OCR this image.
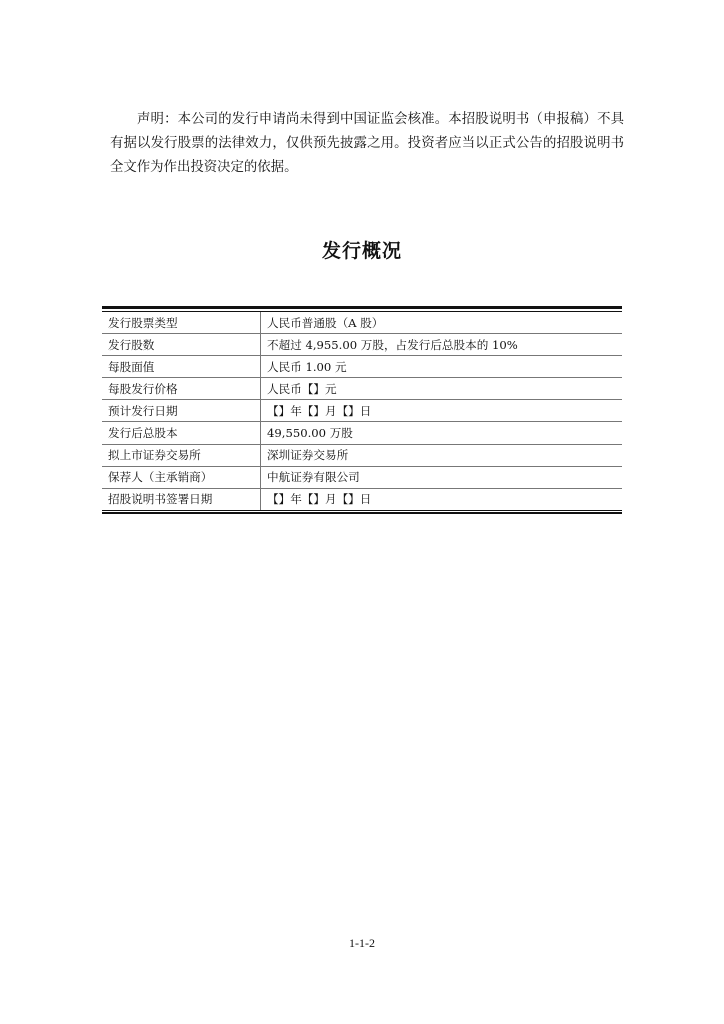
声明：本公司的发行申请尚未得到中国证监会核准。本招股说明书（申报稿）不具有据以发行股票的法律效力，仅供预先披露之用。投资者应当以正式公告的招股说明书全文作为作出投资决定的依据。

发行概况
发行股票类型	人民币普通股（A 股）
发行股数	不超过 4,955.00 万股，占发行后总股本的 10%
每股面值	人民币 1.00 元
每股发行价格	人民币【】元
预计发行日期	【】年【】月【】日
发行后总股本	49,550.00 万股
拟上市证券交易所	深圳证券交易所
保荐人（主承销商）	中航证券有限公司
招股说明书签署日期	【】年【】月【】日
1-1-2
